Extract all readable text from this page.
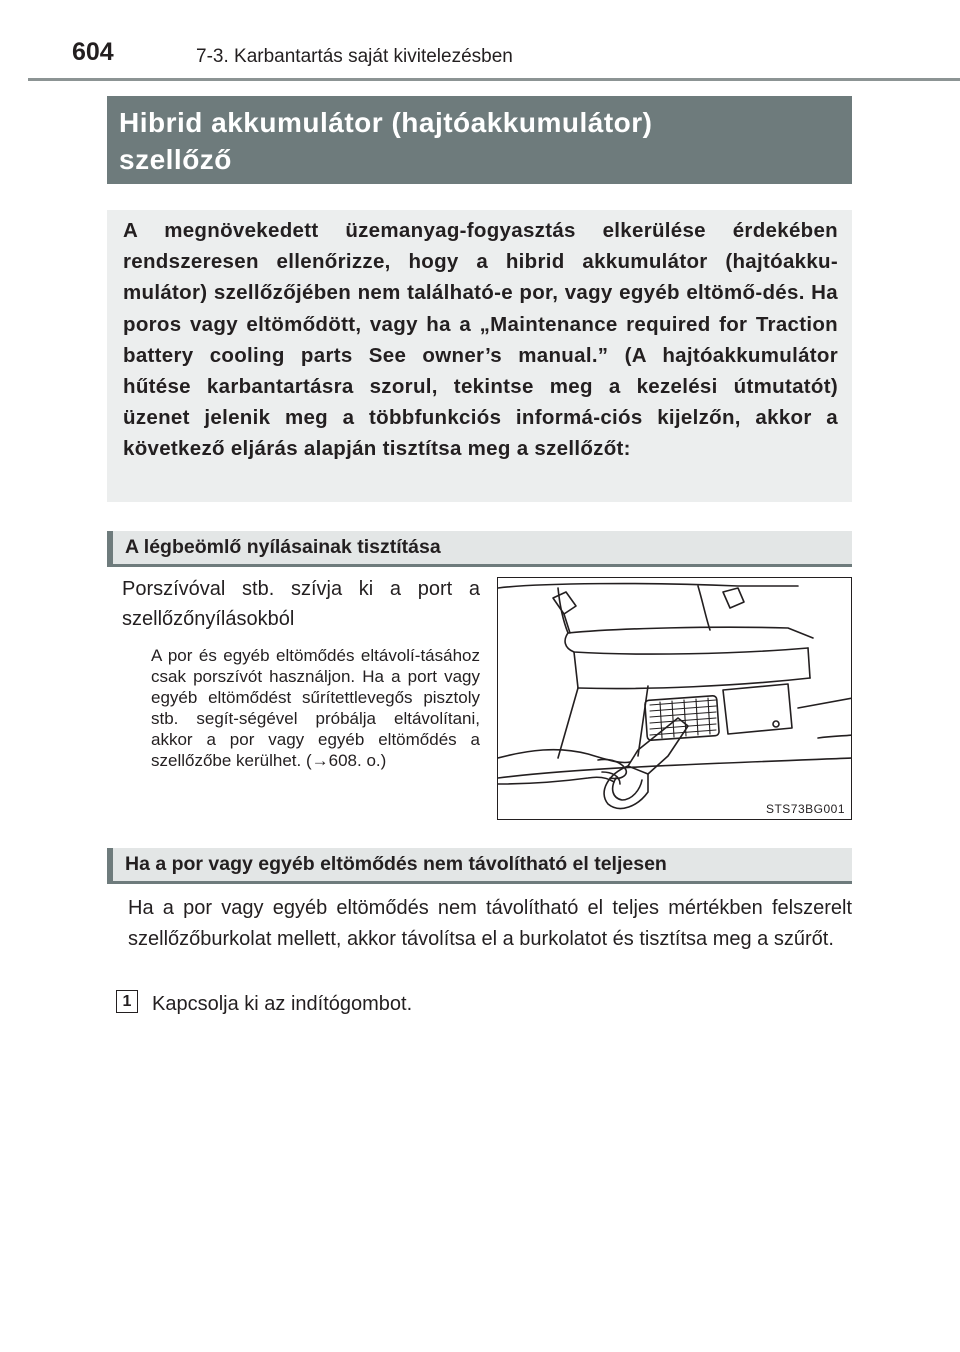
604	7-3. Karbantartás saját kivitelezésben
Hibrid akkumulátor (hajtóakkumulátor)
szellőző

A megnövekedett üzemanyag-fogyasztás elkerülése érdekében rendszeresen ellenőrizze, hogy a hibrid akkumulátor (hajtóakku-mulátor) szellőzőjében nem található-e por, vagy egyéb eltömő-dés. Ha poros vagy eltömődött, vagy ha a „Maintenance required for Traction battery cooling parts See owner’s manual.” (A hajtóakkumulátor hűtése karbantartásra szorul, tekintse meg a kezelési útmutatót) üzenet jelenik meg a többfunkciós informá-ciós kijelzőn, akkor a következő eljárás alapján tisztítsa meg a szellőzőt:

A légbeömlő nyílásainak tisztítása

Porszívóval stb. szívja ki a port a szellőzőnyílásokból

A por és egyéb eltömődés eltávolí-tásához csak porszívót használjon. Ha a port vagy egyéb eltömődést sűrítettlevegős pisztoly stb. segít-ségével próbálja eltávolítani, akkor a por vagy egyéb eltömődés a szellőzőbe kerülhet. (→608. o.)

STS73BG001
Ha a por vagy egyéb eltömődés nem távolítható el teljesen

Ha a por vagy egyéb eltömődés nem távolítható el teljes mértékben felszerelt szellőzőburkolat mellett, akkor távolítsa el a burkolatot és tisztítsa meg a szűrőt.

1	Kapcsolja ki az indítógombot.
